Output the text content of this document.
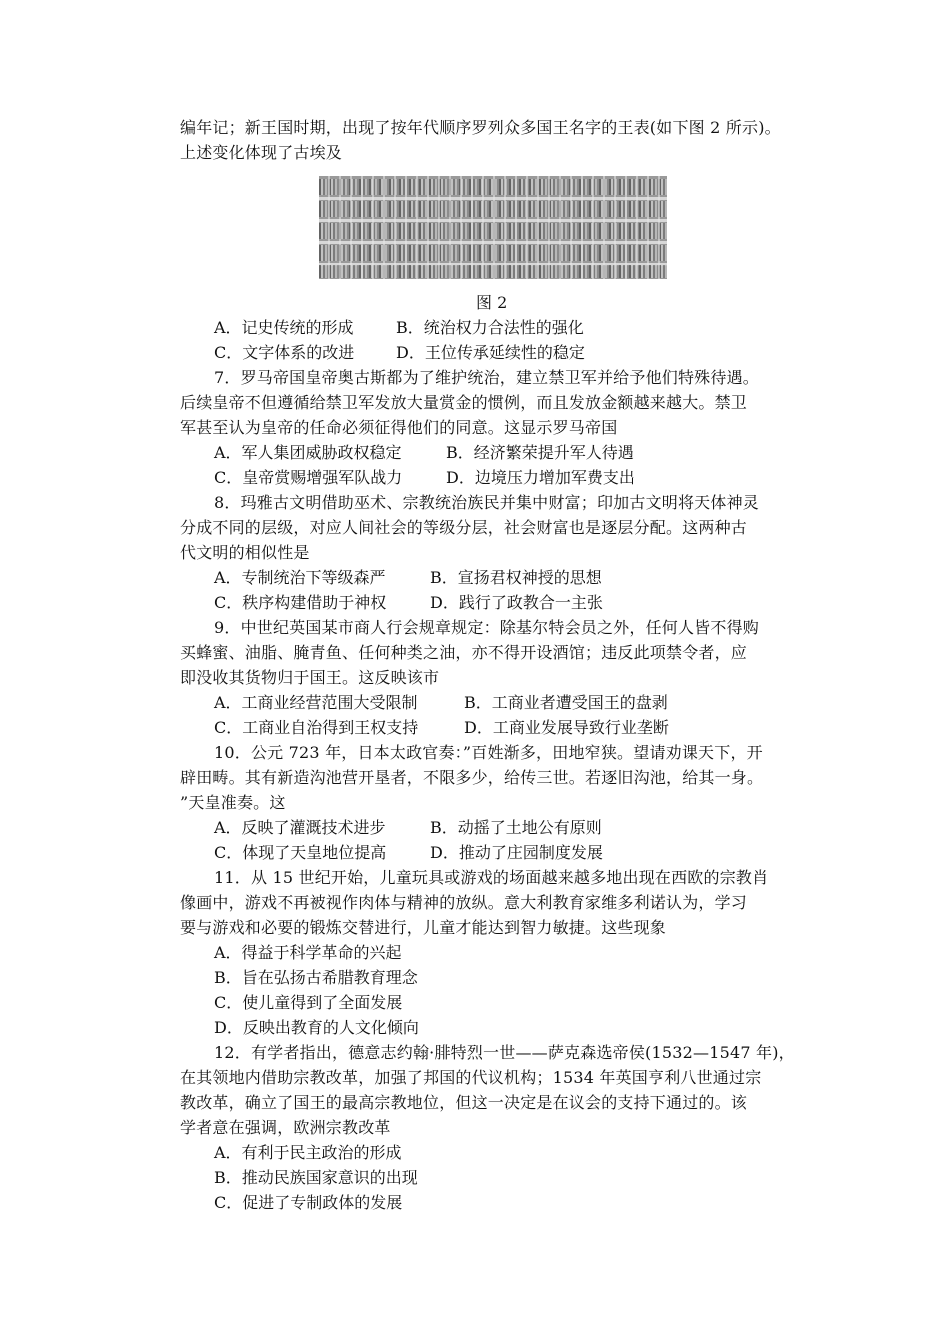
编年记；新王国时期，出现了按年代顺序罗列众多国王名字的王表(如下图 2 所示)。
上述变化体现了古埃及
图 2
A．记史传统的形成	B．统治权力合法性的强化
C．文字体系的改进	D．王位传承延续性的稳定
7．罗马帝国皇帝奥古斯都为了维护统治，建立禁卫军并给予他们特殊待遇。
后续皇帝不但遵循给禁卫军发放大量赏金的惯例，而且发放金额越来越大。禁卫
军甚至认为皇帝的任命必须征得他们的同意。这显示罗马帝国
A．军人集团威胁政权稳定	B．经济繁荣提升军人待遇
C．皇帝赏赐增强军队战力	D．边境压力增加军费支出
8．玛雅古文明借助巫术、宗教统治族民并集中财富；印加古文明将天体神灵
分成不同的层级，对应人间社会的等级分层，社会财富也是逐层分配。这两种古
代文明的相似性是
A．专制统治下等级森严	B．宣扬君权神授的思想
C．秩序构建借助于神权	D．践行了政教合一主张
9．中世纪英国某市商人行会规章规定：除基尔特会员之外，任何人皆不得购
买蜂蜜、油脂、腌青鱼、任何种类之油，亦不得开设酒馆；违反此项禁令者，应
即没收其货物归于国王。这反映该市
A．工商业经营范围大受限制	B．工商业者遭受国王的盘剥
C．工商业自治得到王权支持	D．工商业发展导致行业垄断
10．公元 723 年，日本太政官奏：”百姓渐多，田地窄狭。望请劝课天下，开
辟田畴。其有新造沟池营开垦者，不限多少，给传三世。若逐旧沟池，给其一身。
”天皇准奏。这
A．反映了灌溉技术进步	B．动摇了土地公有原则
C．体现了天皇地位提高	D．推动了庄园制度发展
11．从 15 世纪开始，儿童玩具或游戏的场面越来越多地出现在西欧的宗教肖
像画中，游戏不再被视作肉体与精神的放纵。意大利教育家维多利诺认为，学习
要与游戏和必要的锻炼交替进行，儿童才能达到智力敏捷。这些现象
A．得益于科学革命的兴起
B．旨在弘扬古希腊教育理念
C．使儿童得到了全面发展
D．反映出教育的人文化倾向
12．有学者指出，德意志约翰·腓特烈一世——萨克森选帝侯(1532—1547 年)，
在其领地内借助宗教改革，加强了邦国的代议机构；1534 年英国亨利八世通过宗
教改革，确立了国王的最高宗教地位，但这一决定是在议会的支持下通过的。该
学者意在强调，欧洲宗教改革
A．有利于民主政治的形成
B．推动民族国家意识的出现
C．促进了专制政体的发展
